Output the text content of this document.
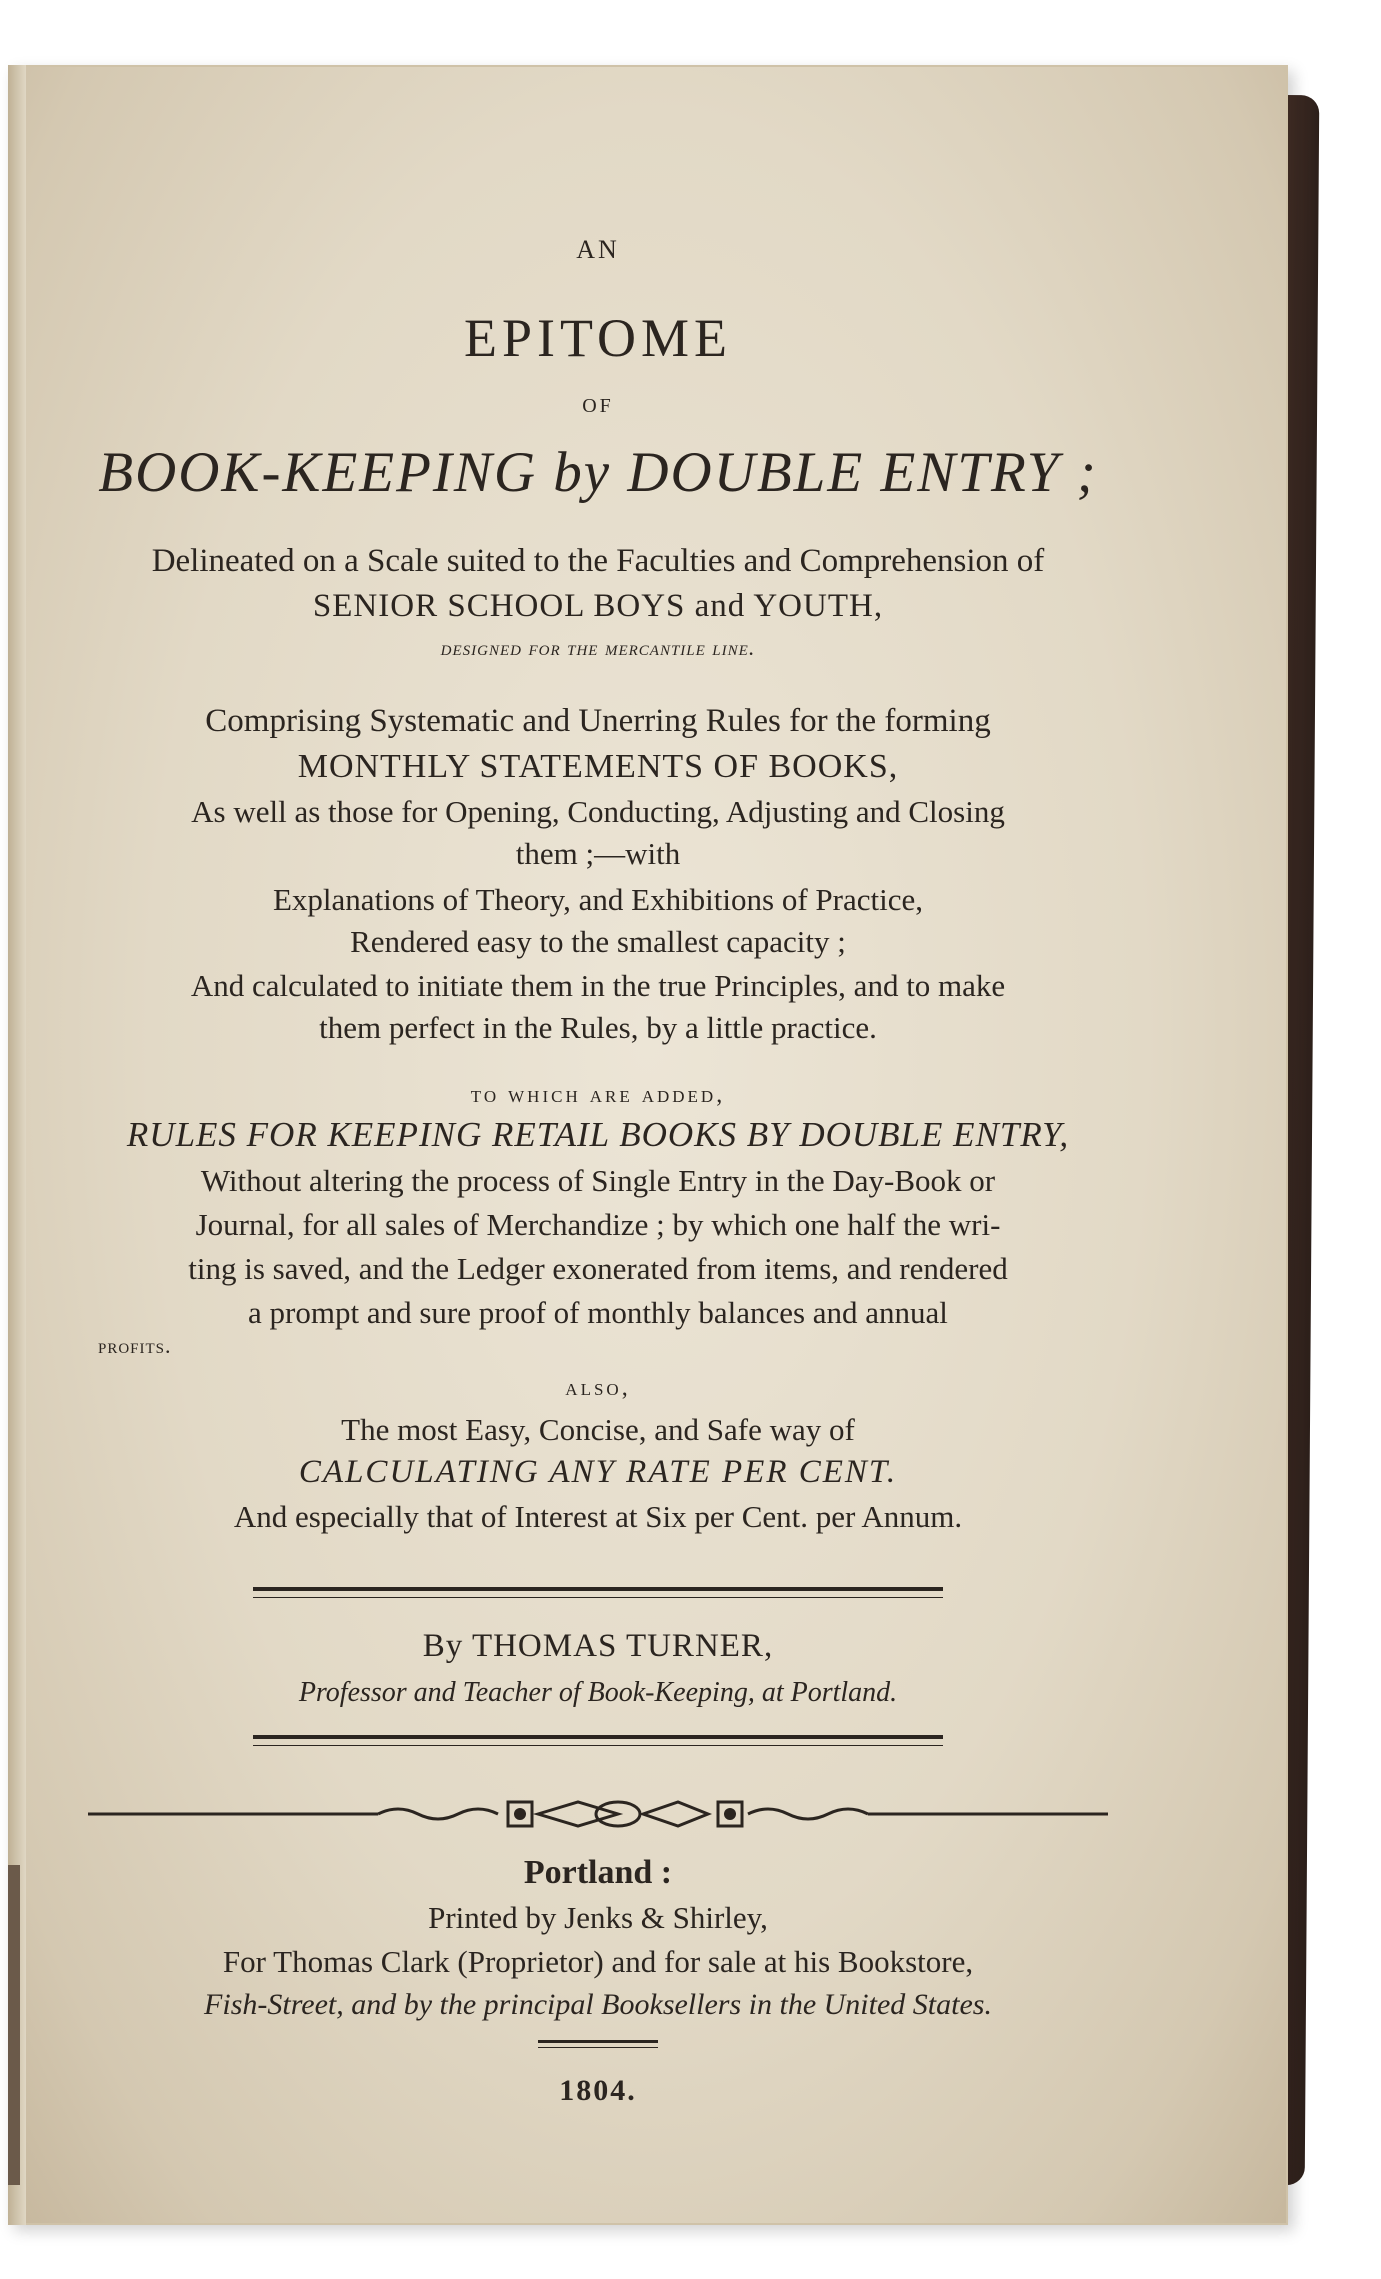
AN
EPITOME
OF
BOOK-KEEPING by DOUBLE ENTRY ;
Delineated on a Scale suited to the Faculties and Comprehension of
SENIOR SCHOOL BOYS and YOUTH,
designed for the mercantile line.
Comprising Systematic and Unerring Rules for the forming
MONTHLY STATEMENTS OF BOOKS,
As well as those for Opening, Conducting, Adjusting and Closing
them ;—with
Explanations of Theory, and Exhibitions of Practice,
Rendered easy to the smallest capacity ;
And calculated to initiate them in the true Principles, and to make
them perfect in the Rules, by a little practice.
to which are added,
RULES FOR KEEPING RETAIL BOOKS BY DOUBLE ENTRY,
Without altering the process of Single Entry in the Day-Book or
Journal, for all sales of Merchandize ; by which one half the wri-
ting is saved, and the Ledger exonerated from items, and rendered
a prompt and sure proof of monthly balances and annual
profits.
also,
The most Easy, Concise, and Safe way of
CALCULATING ANY RATE PER CENT.
And especially that of Interest at Six per Cent. per Annum.
By THOMAS TURNER,
Professor and Teacher of Book-Keeping, at Portland.
Portland :
Printed by Jenks & Shirley,
For Thomas Clark (Proprietor) and for sale at his Bookstore,
Fish-Street, and by the principal Booksellers in the United States.
1804.
